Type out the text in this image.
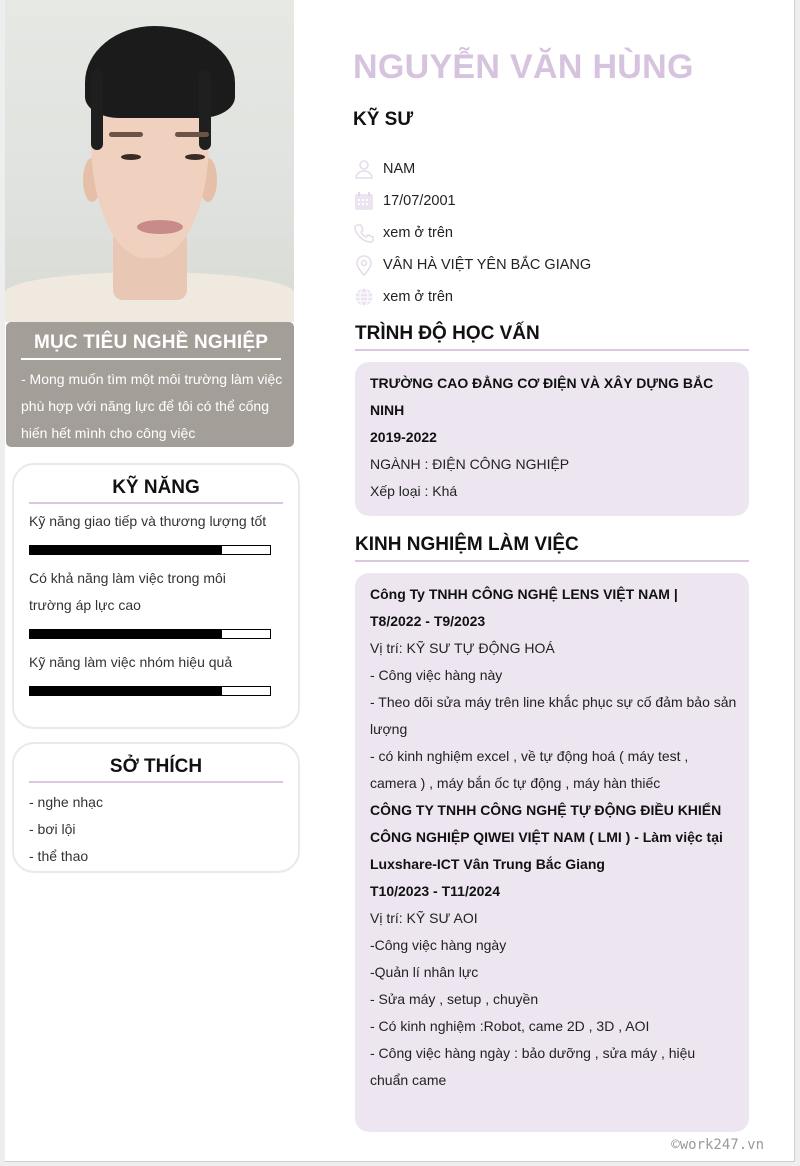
MỤC TIÊU NGHỀ NGHIỆP

- Mong muốn tìm một môi trường làm việc phù hợp với năng lực để tôi có thể cống hiến hết mình cho công việc

KỸ NĂNG
Kỹ năng giao tiếp và thương lượng tốt
Có khả năng làm việc trong môi trường áp lực cao
Kỹ năng làm việc nhóm hiệu quả
SỞ THÍCH
- nghe nhạc
- bơi lội
- thể thao
NGUYỄN VĂN HÙNG
KỸ SƯ
NAM
17/07/2001
xem ở trên
VÂN HÀ VIỆT YÊN BẮC GIANG
xem ở trên
TRÌNH ĐỘ HỌC VẤN
TRƯỜNG CAO ĐẲNG CƠ ĐIỆN VÀ XÂY DỰNG BẮC NINH
2019-2022
NGÀNH : ĐIỆN CÔNG NGHIỆP
Xếp loại : Khá
KINH NGHIỆM LÀM VIỆC
Công Ty TNHH CÔNG NGHỆ LENS VIỆT NAM |
T8/2022 - T9/2023
Vị trí: KỸ SƯ TỰ ĐỘNG HOÁ
- Công việc hàng này
- Theo dõi sửa máy trên line khắc phục sự cố đảm bảo sản
lượng
- có kinh nghiệm excel , về tự động hoá ( máy test , camera ) , máy bắn ốc tự động , máy hàn thiếc
CÔNG TY TNHH CÔNG NGHỆ TỰ ĐỘNG ĐIỀU KHIỂN CÔNG NGHIỆP QIWEI VIỆT NAM ( LMI ) - Làm việc tại Luxshare-ICT Vân Trung Bắc Giang
T10/2023 - T11/2024
Vị trí: KỸ SƯ AOI
-Công việc hàng ngày
-Quản lí nhân lực
- Sửa máy , setup , chuyền
- Có kinh nghiệm :Robot, came 2D , 3D , AOI
- Công việc hàng ngày : bảo dưỡng , sửa máy , hiệu chuẩn came
©work247.vn
